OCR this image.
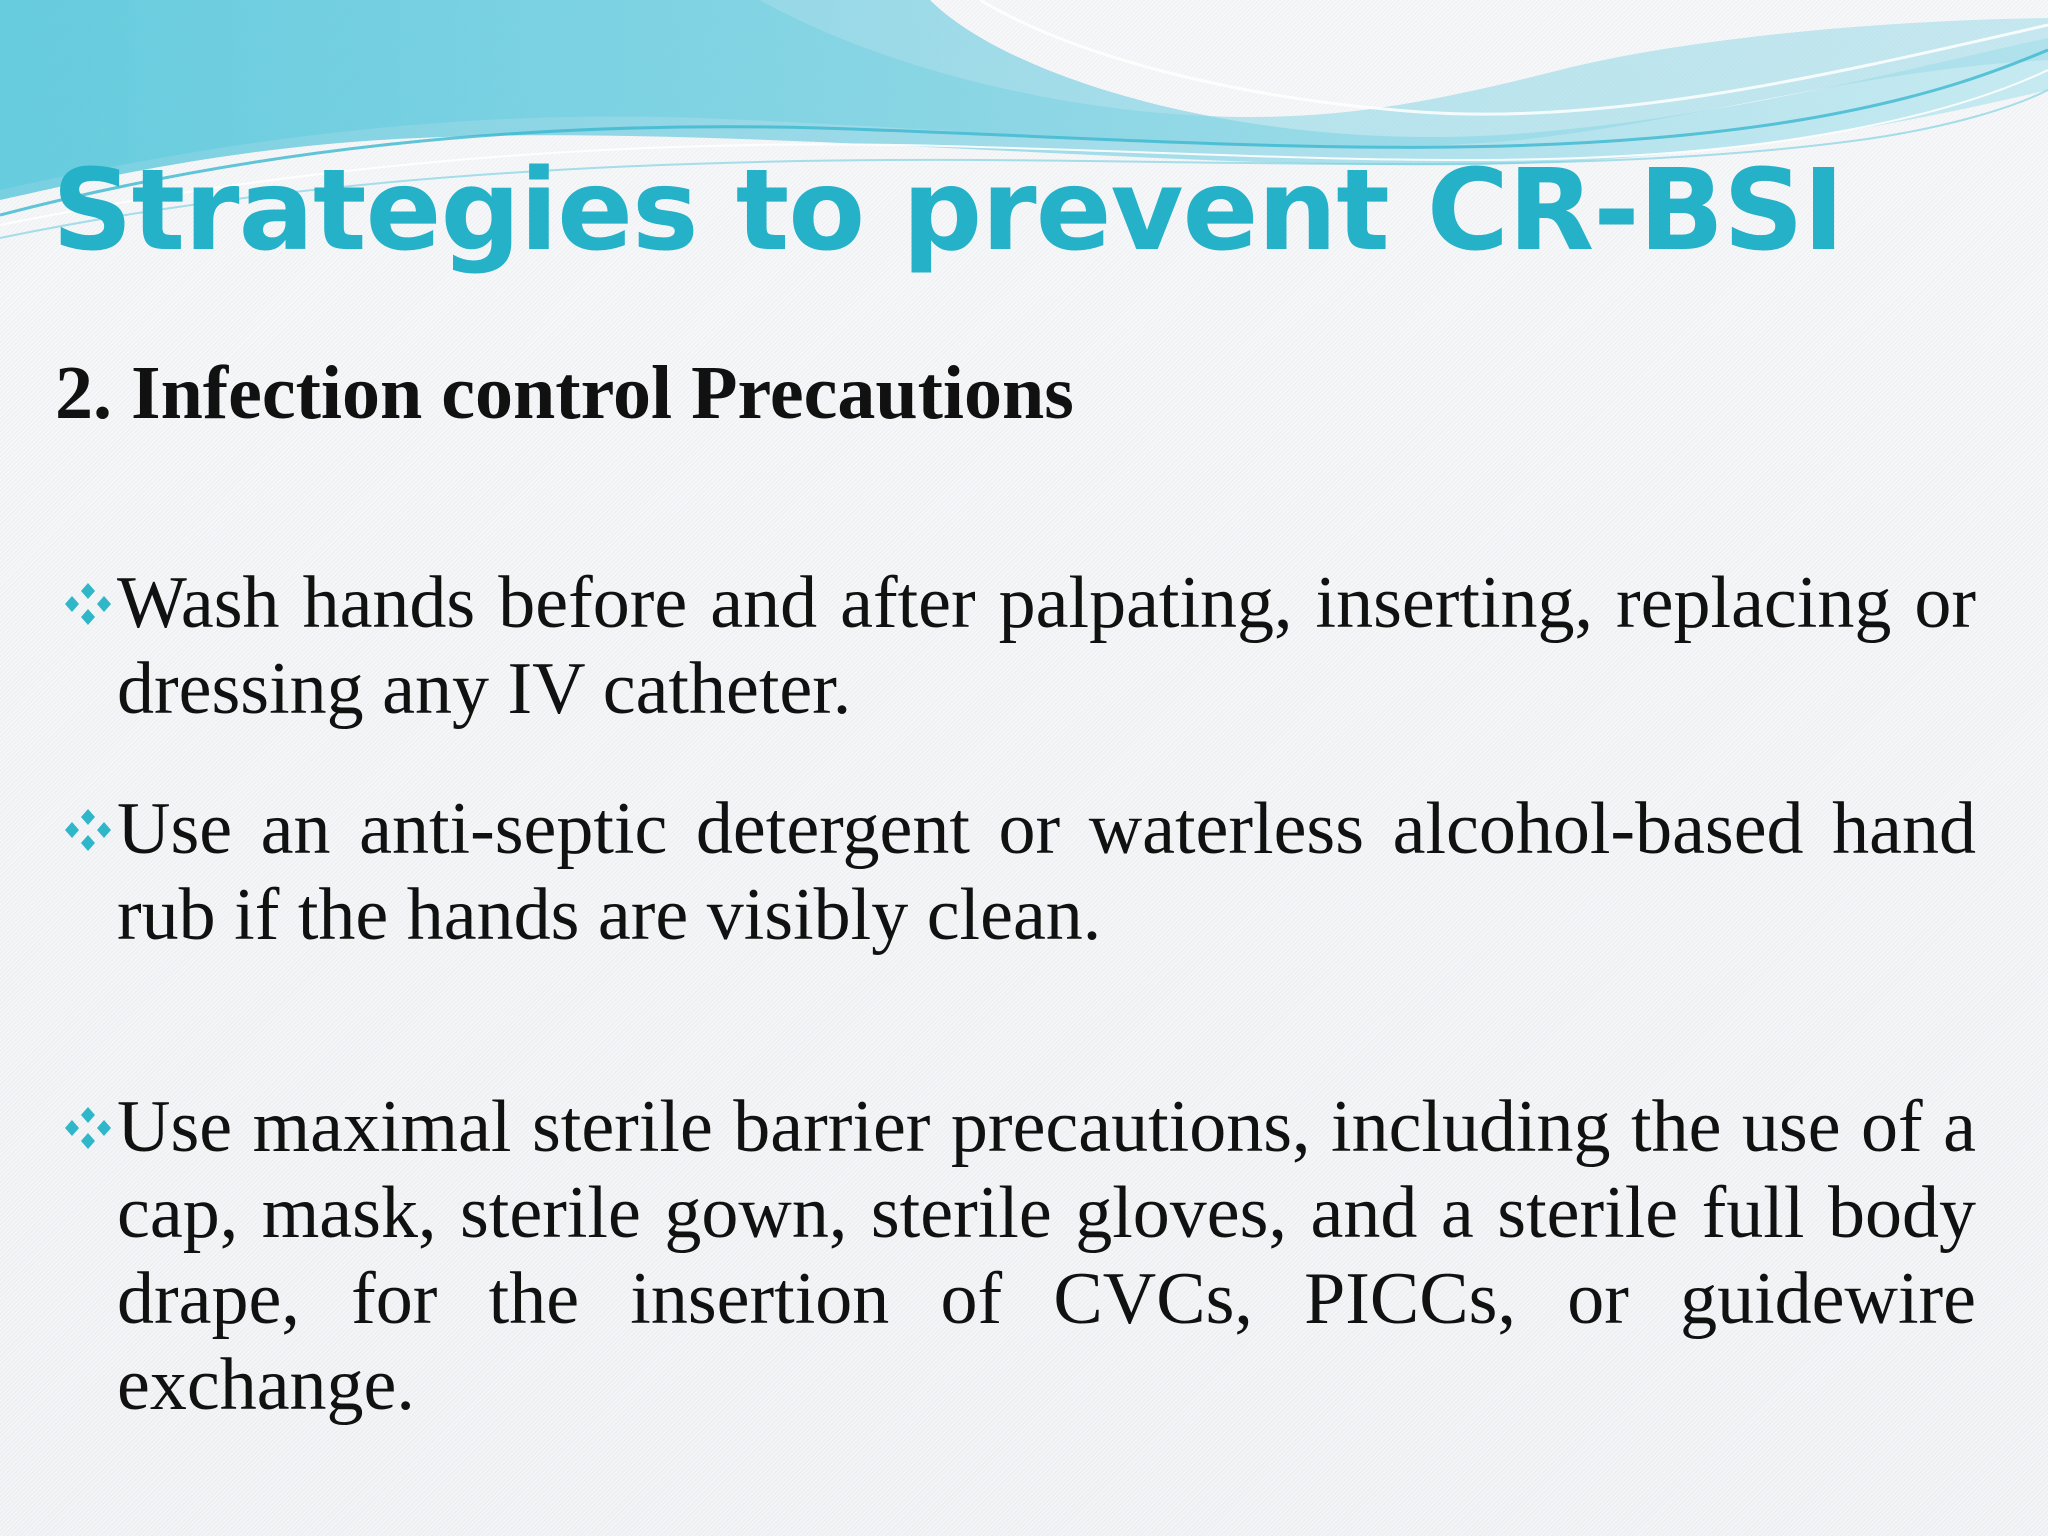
Strategies to prevent CR-BSI
2. Infection control Precautions
Wash hands before and after palpating, inserting, replacing or dressing any IV catheter.
Use an anti-septic detergent or waterless alcohol-based hand rub if the hands are visibly clean.
Use maximal sterile barrier precautions, including the use of a cap, mask, sterile gown, sterile gloves, and a sterile full body drape, for the insertion of CVCs, PICCs, or guidewire exchange.
